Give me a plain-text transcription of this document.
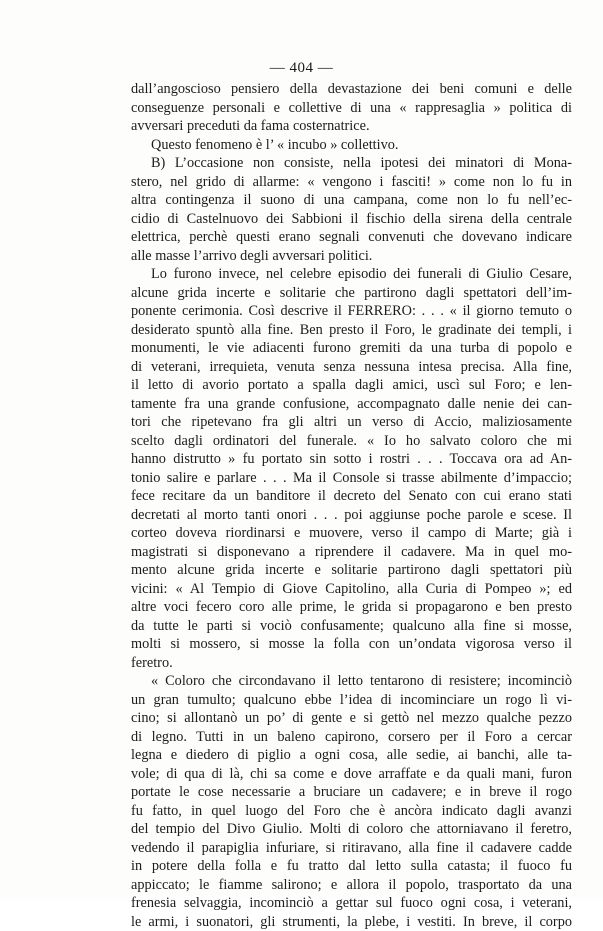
— 404 —
dall’angoscioso pensiero della devastazione dei beni comuni e delle
conseguenze personali e collettive di una « rappresaglia » politica di
avversari preceduti da fama costernatrice.
Questo fenomeno è l’ « incubo » collettivo.
B) L’occasione non consiste, nella ipotesi dei minatori di Mona-
stero, nel grido di allarme: « vengono i fasciti! » come non lo fu in
altra contingenza il suono di una campana, come non lo fu nell’ec-
cidio di Castelnuovo dei Sabbioni il fischio della sirena della centrale
elettrica, perchè questi erano segnali convenuti che dovevano indicare
alle masse l’arrivo degli avversari politici.
Lo furono invece, nel celebre episodio dei funerali di Giulio Cesare,
alcune grida incerte e solitarie che partirono dagli spettatori dell’im-
ponente cerimonia. Così descrive il FERRERO: . . . « il giorno temuto o
desiderato spuntò alla fine. Ben presto il Foro, le gradinate dei templi, i
monumenti, le vie adiacenti furono gremiti da una turba di popolo e
di veterani, irrequieta, venuta senza nessuna intesa precisa. Alla fine,
il letto di avorio portato a spalla dagli amici, uscì sul Foro; e len-
tamente fra una grande confusione, accompagnato dalle nenie dei can-
tori che ripetevano fra gli altri un verso di Accio, maliziosamente
scelto dagli ordinatori del funerale. « Io ho salvato coloro che mi
hanno distrutto » fu portato sin sotto i rostri . . . Toccava ora ad An-
tonio salire e parlare . . . Ma il Console si trasse abilmente d’impaccio;
fece recitare da un banditore il decreto del Senato con cui erano stati
decretati al morto tanti onori . . . poi aggiunse poche parole e scese. Il
corteo doveva riordinarsi e muovere, verso il campo di Marte; già i
magistrati si disponevano a riprendere il cadavere. Ma in quel mo-
mento alcune grida incerte e solitarie partirono dagli spettatori più
vicini: « Al Tempio di Giove Capitolino, alla Curia di Pompeo »; ed
altre voci fecero coro alle prime, le grida si propagarono e ben presto
da tutte le parti si vociò confusamente; qualcuno alla fine si mosse,
molti si mossero, si mosse la folla con un’ondata vigorosa verso il
feretro.
« Coloro che circondavano il letto tentarono di resistere; incominciò
un gran tumulto; qualcuno ebbe l’idea di incominciare un rogo lì vi-
cino; si allontanò un po’ di gente e si gettò nel mezzo qualche pezzo
di legno. Tutti in un baleno capirono, corsero per il Foro a cercar
legna e diedero di piglio a ogni cosa, alle sedie, ai banchi, alle ta-
vole; di qua di là, chi sa come e dove arraffate e da quali mani, furon
portate le cose necessarie a bruciare un cadavere; e in breve il rogo
fu fatto, in quel luogo del Foro che è ancòra indicato dagli avanzi
del tempio del Divo Giulio. Molti di coloro che attorniavano il feretro,
vedendo il parapiglia infuriare, si ritiravano, alla fine il cadavere cadde
in potere della folla e fu tratto dal letto sulla catasta; il fuoco fu
appiccato; le fiamme salirono; e allora il popolo, trasportato da una
frenesia selvaggia, incominciò a gettar sul fuoco ogni cosa, i veterani,
le armi, i suonatori, gli strumenti, la plebe, i vestiti. In breve, il corpo
